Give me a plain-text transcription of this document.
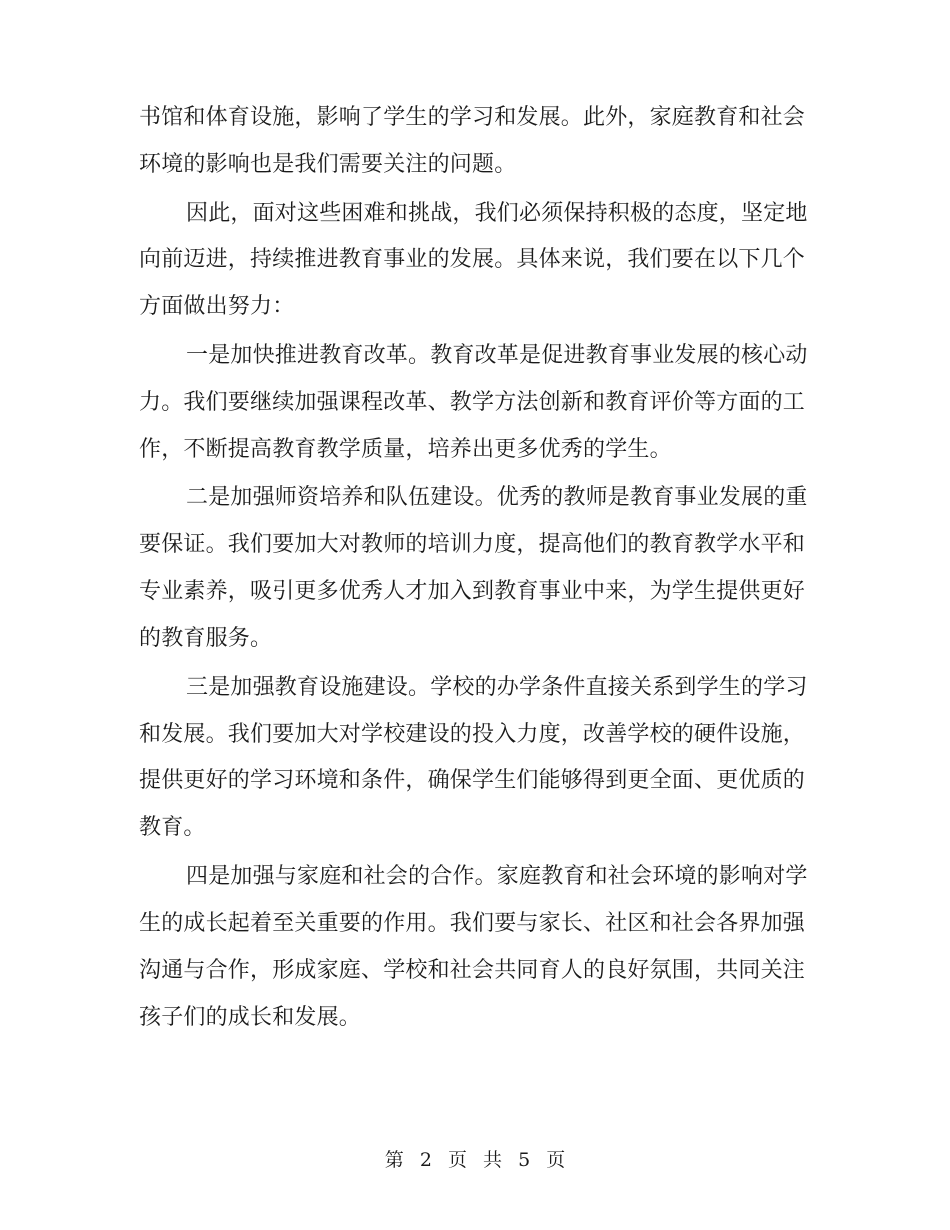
书馆和体育设施，影响了学生的学习和发展。此外，家庭教育和社会
环境的影响也是我们需要关注的问题。
因此，面对这些困难和挑战，我们必须保持积极的态度，坚定地
向前迈进，持续推进教育事业的发展。具体来说，我们要在以下几个
方面做出努力：
一是加快推进教育改革。教育改革是促进教育事业发展的核心动
力。我们要继续加强课程改革、教学方法创新和教育评价等方面的工
作，不断提高教育教学质量，培养出更多优秀的学生。
二是加强师资培养和队伍建设。优秀的教师是教育事业发展的重
要保证。我们要加大对教师的培训力度，提高他们的教育教学水平和
专业素养，吸引更多优秀人才加入到教育事业中来，为学生提供更好
的教育服务。
三是加强教育设施建设。学校的办学条件直接关系到学生的学习
和发展。我们要加大对学校建设的投入力度，改善学校的硬件设施，
提供更好的学习环境和条件，确保学生们能够得到更全面、更优质的
教育。
四是加强与家庭和社会的合作。家庭教育和社会环境的影响对学
生的成长起着至关重要的作用。我们要与家长、社区和社会各界加强
沟通与合作，形成家庭、学校和社会共同育人的良好氛围，共同关注
孩子们的成长和发展。
第 2 页 共 5 页
